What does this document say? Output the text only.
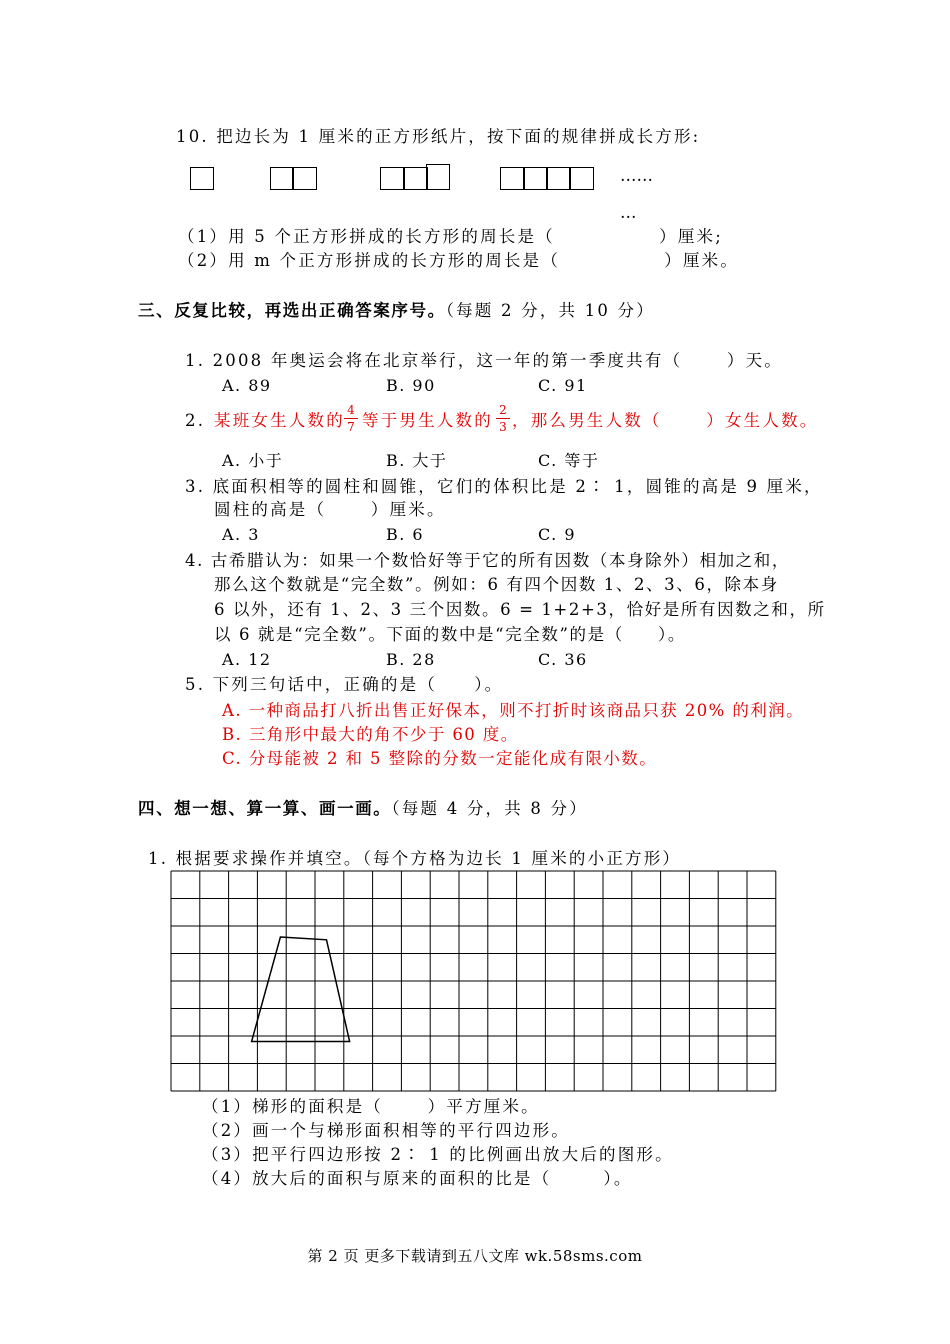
10. 把边长为 1 厘米的正方形纸片，按下面的规律拼成长方形:
……
…
（1）用 5 个正方形拼成的长方形的周长是（              ）厘米;
（2）用 m 个正方形拼成的长方形的周长是（              ）厘米。
三、反复比较，再选出正确答案序号。（每题 2 分，共 10 分）
1. 2008 年奥运会将在北京举行，这一年的第一季度共有（      ）天。
A. 89	B. 90	C. 91
2. 某班女生人数的
4
7 等于男生人数的
2
3 ，那么男生人数（      ）女生人数。
A. 小于	B. 大于	C. 等于
3. 底面积相等的圆柱和圆锥，它们的体积比是 2∶ 1，圆锥的高是 9 厘米，
圆柱的高是（      ）厘米。
A. 3	B. 6	C. 9
4. 古希腊认为：如果一个数恰好等于它的所有因数（本身除外）相加之和，
那么这个数就是“完全数”。例如：6 有四个因数 1、2、3、6，除本身
6 以外，还有 1、2、3 三个因数。6 = 1+2+3，恰好是所有因数之和，所
以 6 就是“完全数”。下面的数中是“完全数”的是（     ）。
A. 12	B. 28	C. 36
5. 下列三句话中，正确的是（     ）。
A. 一种商品打八折出售正好保本，则不打折时该商品只获 20% 的利润。
B. 三角形中最大的角不少于 60 度。
C. 分母能被 2 和 5 整除的分数一定能化成有限小数。
四、想一想、算一算、画一画。（每题 4 分，共 8 分）
1. 根据要求操作并填空。（每个方格为边长 1 厘米的小正方形）
（1）梯形的面积是（      ）平方厘米。
（2）画一个与梯形面积相等的平行四边形。
（3）把平行四边形按 2∶ 1 的比例画出放大后的图形。
（4）放大后的面积与原来的面积的比是（       ）。
第 2 页 更多下载请到五八文库 wk.58sms.com
